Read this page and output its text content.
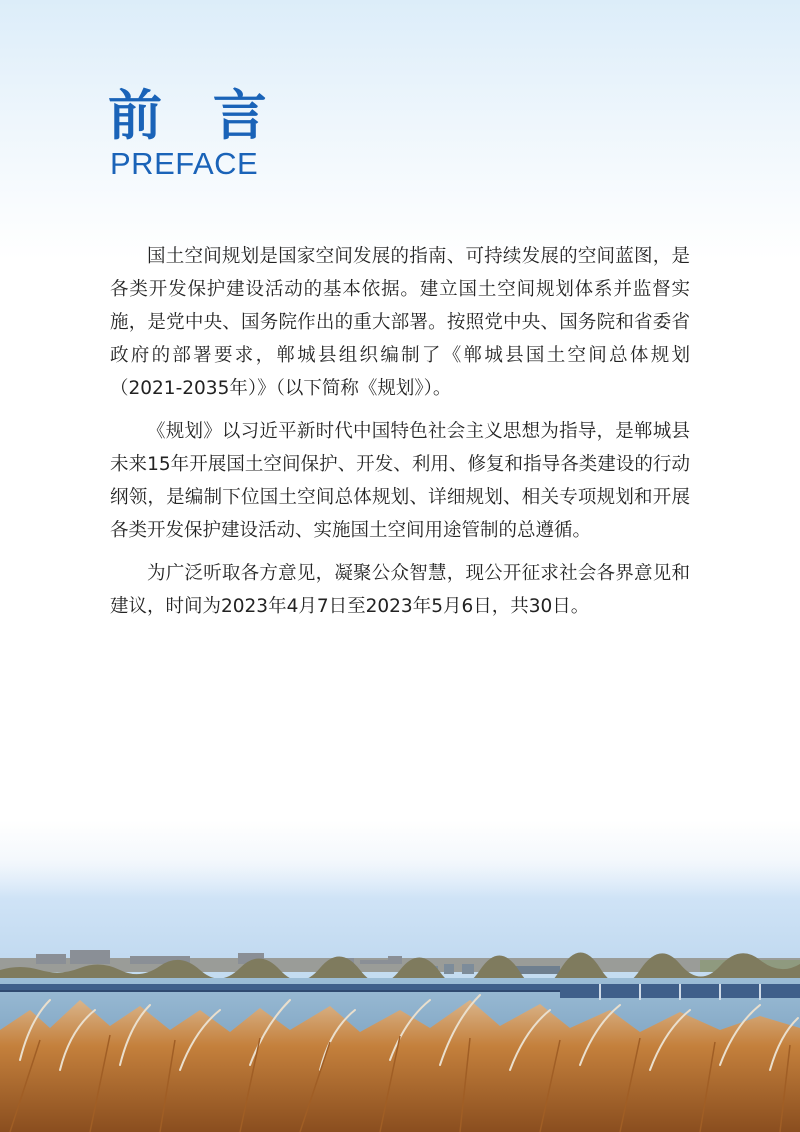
前 言
PREFACE

国土空间规划是国家空间发展的指南、可持续发展的空间蓝图，是各类开发保护建设活动的基本依据。建立国土空间规划体系并监督实施，是党中央、国务院作出的重大部署。按照党中央、国务院和省委省政府的部署要求，郸城县组织编制了《郸城县国土空间总体规划（2021-2035年）》（以下简称《规划》）。

《规划》以习近平新时代中国特色社会主义思想为指导，是郸城县未来15年开展国土空间保护、开发、利用、修复和指导各类建设的行动纲领，是编制下位国土空间总体规划、详细规划、相关专项规划和开展各类开发保护建设活动、实施国土空间用途管制的总遵循。

为广泛听取各方意见，凝聚公众智慧，现公开征求社会各界意见和建议，时间为2023年4月7日至2023年5月6日，共30日。
